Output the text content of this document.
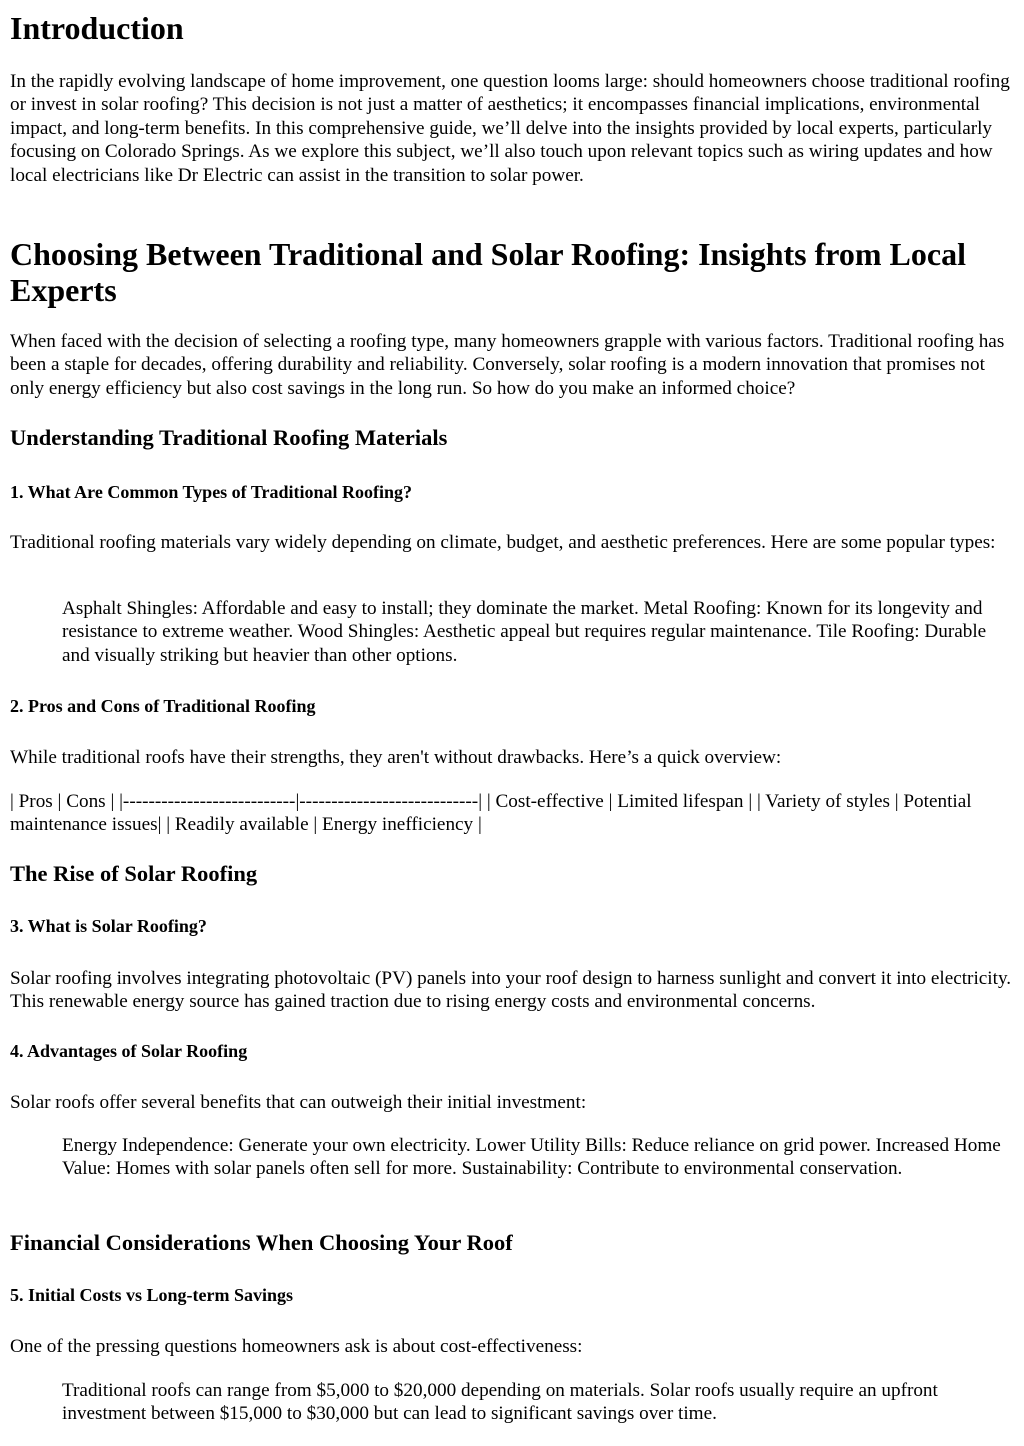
Introduction

In the rapidly evolving landscape of home improvement, one question looms large: should homeowners choose traditional roofing or invest in solar roofing? This decision is not just a matter of aesthetics; it encompasses financial implications, environmental impact, and long-term benefits. In this comprehensive guide, we’ll delve into the insights provided by local experts, particularly focusing on Colorado Springs. As we explore this subject, we’ll also touch upon relevant topics such as wiring updates and how local electricians like Dr Electric can assist in the transition to solar power.

Choosing Between Traditional and Solar Roofing: Insights from Local Experts

When faced with the decision of selecting a roofing type, many homeowners grapple with various factors. Traditional roofing has been a staple for decades, offering durability and reliability. Conversely, solar roofing is a modern innovation that promises not only energy efficiency but also cost savings in the long run. So how do you make an informed choice?

Understanding Traditional Roofing Materials
1. What Are Common Types of Traditional Roofing?

Traditional roofing materials vary widely depending on climate, budget, and aesthetic preferences. Here are some popular types:

Asphalt Shingles: Affordable and easy to install; they dominate the market. Metal Roofing: Known for its longevity and resistance to extreme weather. Wood Shingles: Aesthetic appeal but requires regular maintenance. Tile Roofing: Durable and visually striking but heavier than other options.

2. Pros and Cons of Traditional Roofing

While traditional roofs have their strengths, they aren't without drawbacks. Here’s a quick overview:

| Pros | Cons | |---------------------------|----------------------------| | Cost-effective | Limited lifespan | | Variety of styles | Potential maintenance issues| | Readily available | Energy inefficiency |

The Rise of Solar Roofing
3. What is Solar Roofing?

Solar roofing involves integrating photovoltaic (PV) panels into your roof design to harness sunlight and convert it into electricity. This renewable energy source has gained traction due to rising energy costs and environmental concerns.

4. Advantages of Solar Roofing

Solar roofs offer several benefits that can outweigh their initial investment:

Energy Independence: Generate your own electricity. Lower Utility Bills: Reduce reliance on grid power. Increased Home Value: Homes with solar panels often sell for more. Sustainability: Contribute to environmental conservation.

Financial Considerations When Choosing Your Roof
5. Initial Costs vs Long-term Savings

One of the pressing questions homeowners ask is about cost-effectiveness:

Traditional roofs can range from $5,000 to $20,000 depending on materials. Solar roofs usually require an upfront investment between $15,000 to $30,000 but can lead to significant savings over time.
